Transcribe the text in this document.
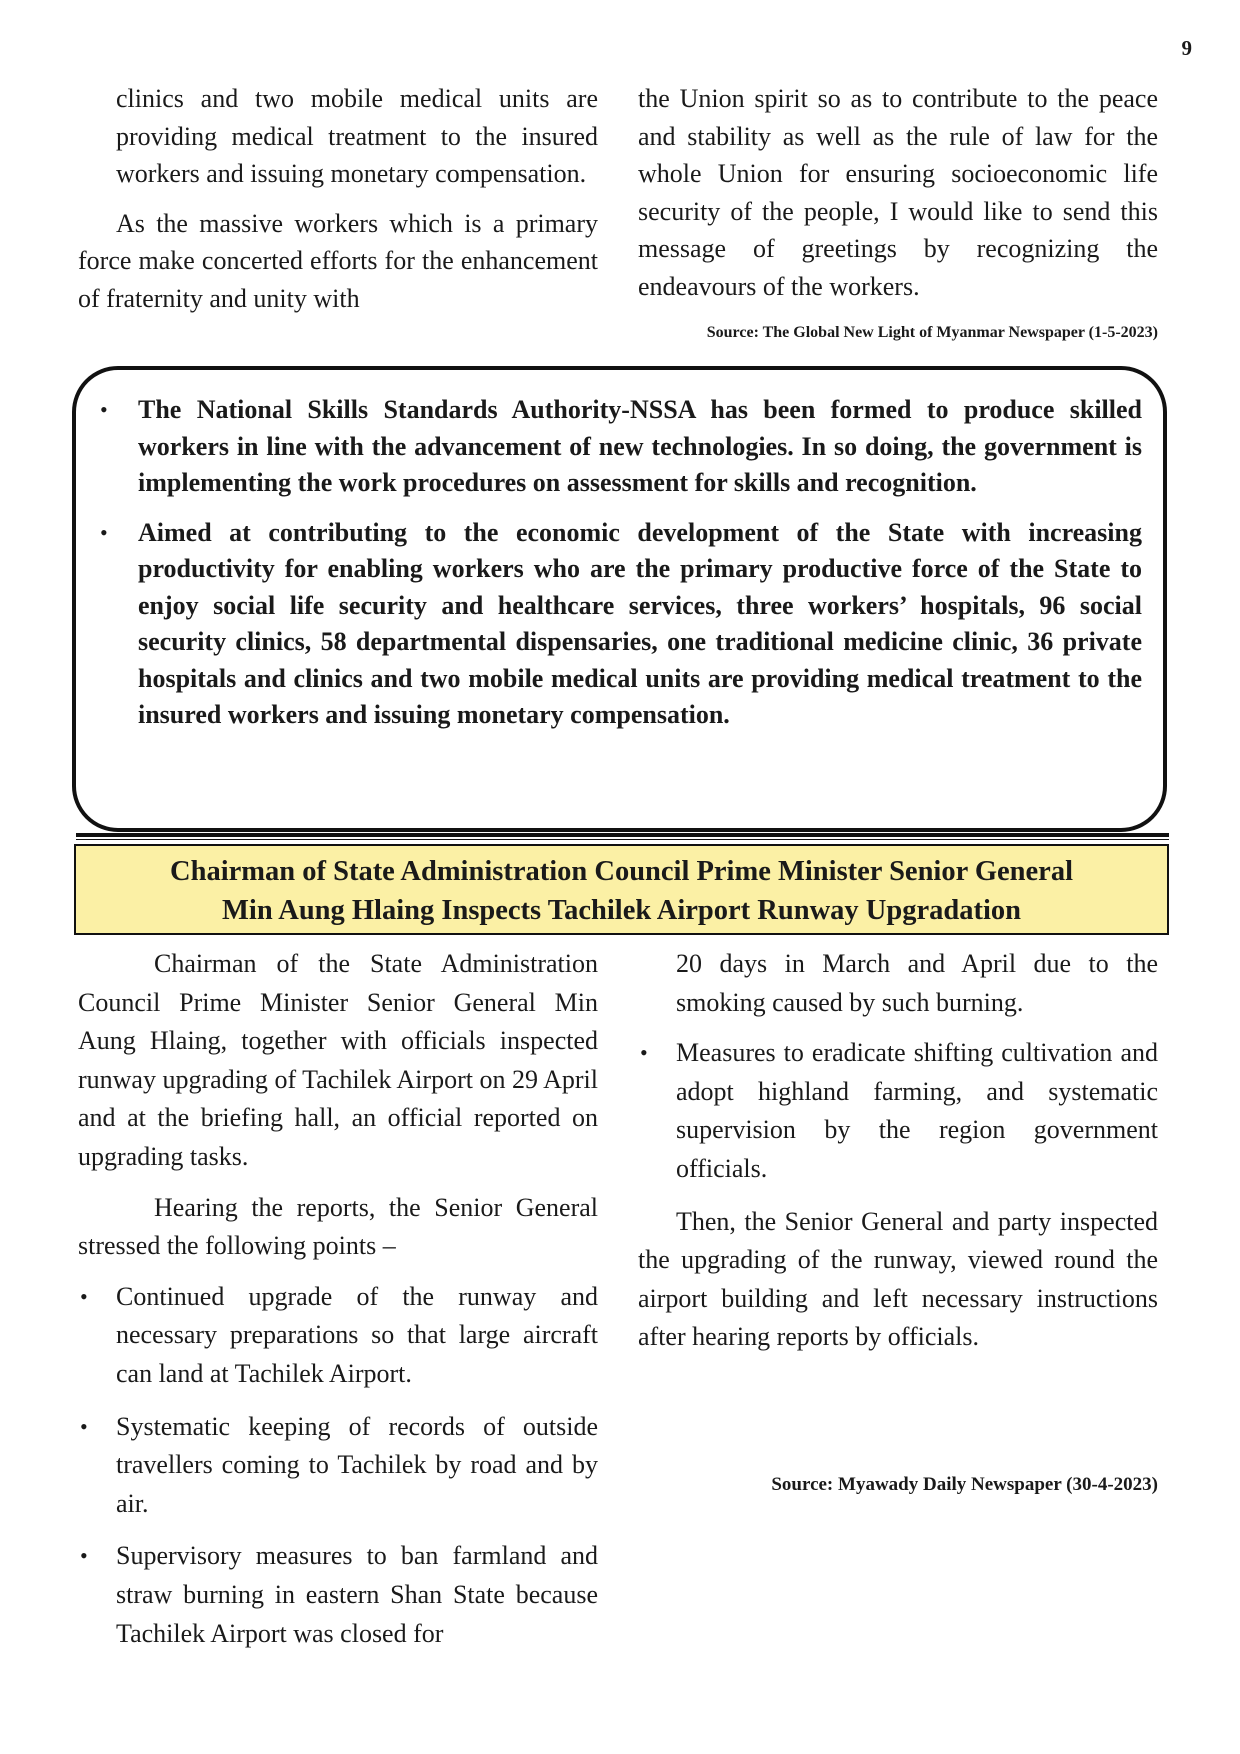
9

clinics and two mobile medical units are providing medical treatment to the insured workers and issuing monetary compensation.

As the massive workers which is a primary force make concerted efforts for the enhancement of fraternity and unity with

the Union spirit so as to contribute to the peace and stability as well as the rule of law for the whole Union for ensuring socioeconomic life security of the people, I would like to send this message of greetings by recognizing the endeavours of the workers.

Source: The Global New Light of Myanmar Newspaper (1-5-2023)
• The National Skills Standards Authority-NSSA has been formed to produce skilled workers in line with the advancement of new technologies. In so doing, the government is implementing the work procedures on assessment for skills and recognition.
• Aimed at contributing to the economic development of the State with increasing productivity for enabling workers who are the primary productive force of the State to enjoy social life security and healthcare services, three workers’ hospitals, 96 social security clinics, 58 departmental dispensaries, one traditional medicine clinic, 36 private hospitals and clinics and two mobile medical units are providing medical treatment to the insured workers and issuing monetary compensation.
Chairman of State Administration Council Prime Minister Senior General
Min Aung Hlaing Inspects Tachilek Airport Runway Upgradation

Chairman of the State Administration Council Prime Minister Senior General Min Aung Hlaing, together with officials inspected runway upgrading of Tachilek Airport on 29 April and at the briefing hall, an official reported on upgrading tasks.

Hearing the reports, the Senior General stressed the following points –

• Continued upgrade of the runway and necessary preparations so that large aircraft can land at Tachilek Airport.
• Systematic keeping of records of outside travellers coming to Tachilek by road and by air.
• Supervisory measures to ban farmland and straw burning in eastern Shan State because Tachilek Airport was closed for

20 days in March and April due to the smoking caused by such burning.

• Measures to eradicate shifting cultivation and adopt highland farming, and systematic supervision by the region government officials.

Then, the Senior General and party inspected the upgrading of the runway, viewed round the airport building and left necessary instructions after hearing reports by officials.

Source: Myawady Daily Newspaper (30-4-2023)
